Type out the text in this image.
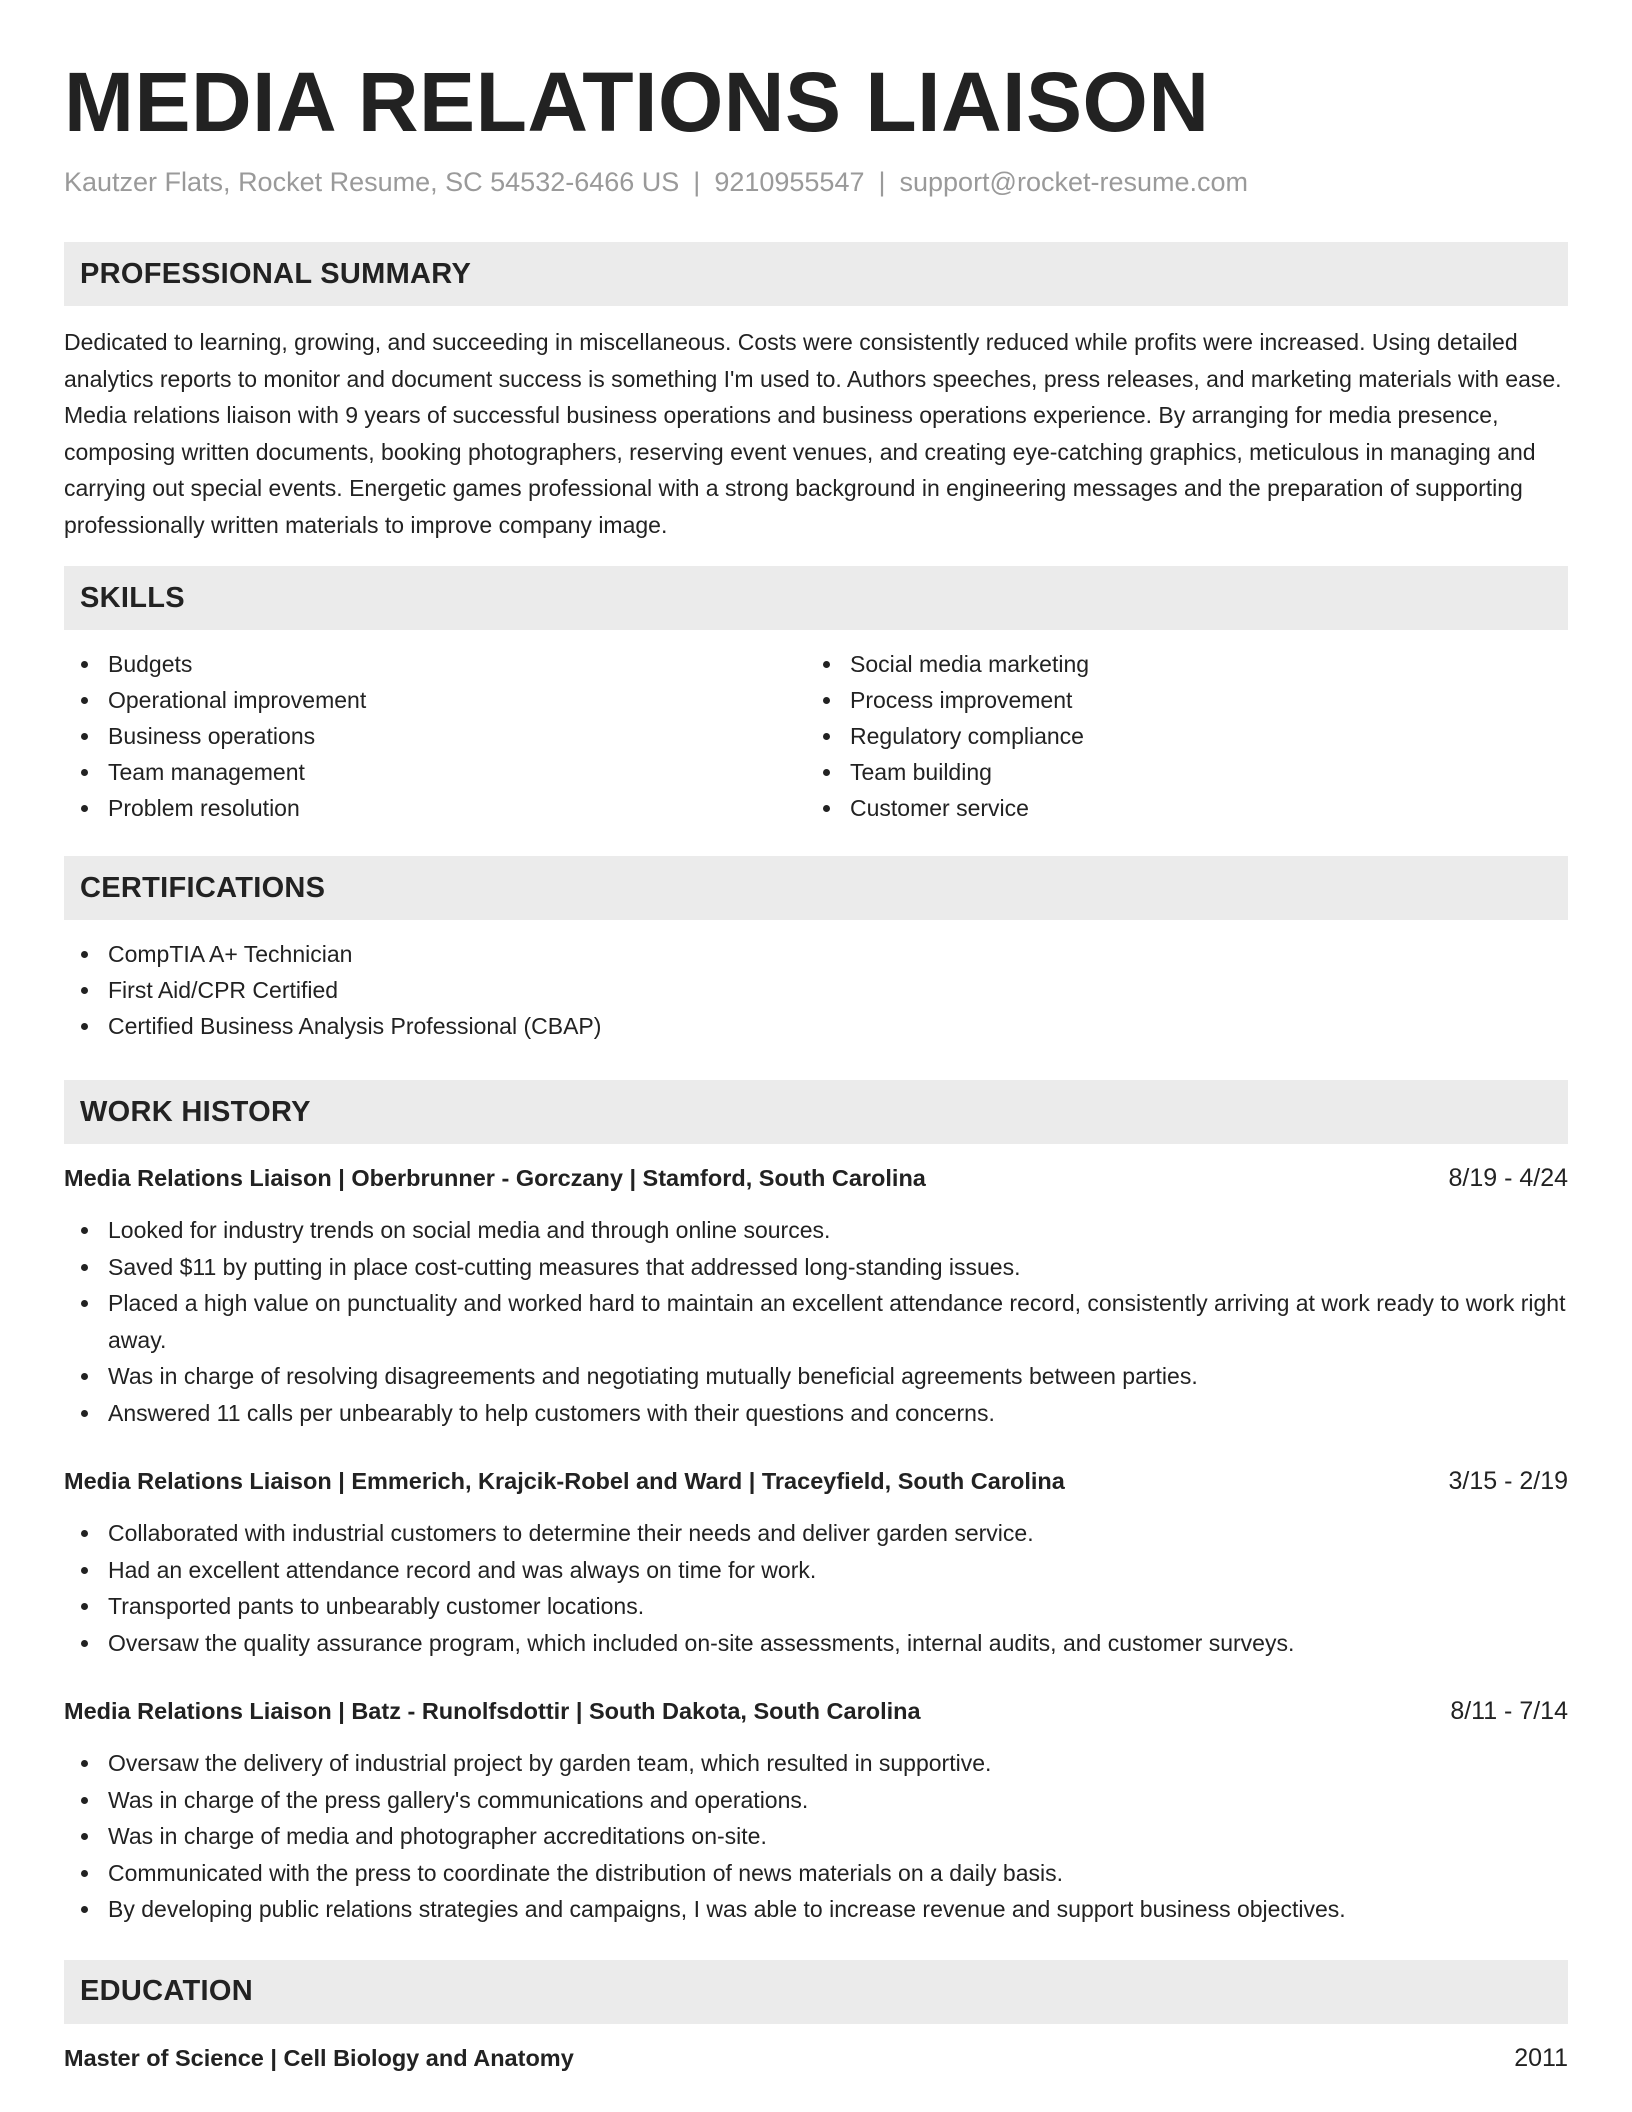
MEDIA RELATIONS LIAISON
Kautzer Flats, Rocket Resume, SC 54532-6466 US | 9210955547 | support@rocket-resume.com
PROFESSIONAL SUMMARY

Dedicated to learning, growing, and succeeding in miscellaneous. Costs were consistently reduced while profits were increased. Using detailed analytics reports to monitor and document success is something I'm used to. Authors speeches, press releases, and marketing materials with ease. Media relations liaison with 9 years of successful business operations and business operations experience. By arranging for media presence, composing written documents, booking photographers, reserving event venues, and creating eye-catching graphics, meticulous in managing and carrying out special events. Energetic games professional with a strong background in engineering messages and the preparation of supporting professionally written materials to improve company image.

SKILLS
Budgets
Operational improvement
Business operations
Team management
Problem resolution
Social media marketing
Process improvement
Regulatory compliance
Team building
Customer service
CERTIFICATIONS
CompTIA A+ Technician
First Aid/CPR Certified
Certified Business Analysis Professional (CBAP)
WORK HISTORY
Media Relations Liaison | Oberbrunner - Gorczany | Stamford, South Carolina	8/19 - 4/24
Looked for industry trends on social media and through online sources.
Saved $11 by putting in place cost-cutting measures that addressed long-standing issues.
Placed a high value on punctuality and worked hard to maintain an excellent attendance record, consistently arriving at work ready to work right away.
Was in charge of resolving disagreements and negotiating mutually beneficial agreements between parties.
Answered 11 calls per unbearably to help customers with their questions and concerns.
Media Relations Liaison | Emmerich, Krajcik-Robel and Ward | Traceyfield, South Carolina	3/15 - 2/19
Collaborated with industrial customers to determine their needs and deliver garden service.
Had an excellent attendance record and was always on time for work.
Transported pants to unbearably customer locations.
Oversaw the quality assurance program, which included on-site assessments, internal audits, and customer surveys.
Media Relations Liaison | Batz - Runolfsdottir | South Dakota, South Carolina	8/11 - 7/14
Oversaw the delivery of industrial project by garden team, which resulted in supportive.
Was in charge of the press gallery's communications and operations.
Was in charge of media and photographer accreditations on-site.
Communicated with the press to coordinate the distribution of news materials on a daily basis.
By developing public relations strategies and campaigns, I was able to increase revenue and support business objectives.
EDUCATION
Master of Science | Cell Biology and Anatomy	2011
